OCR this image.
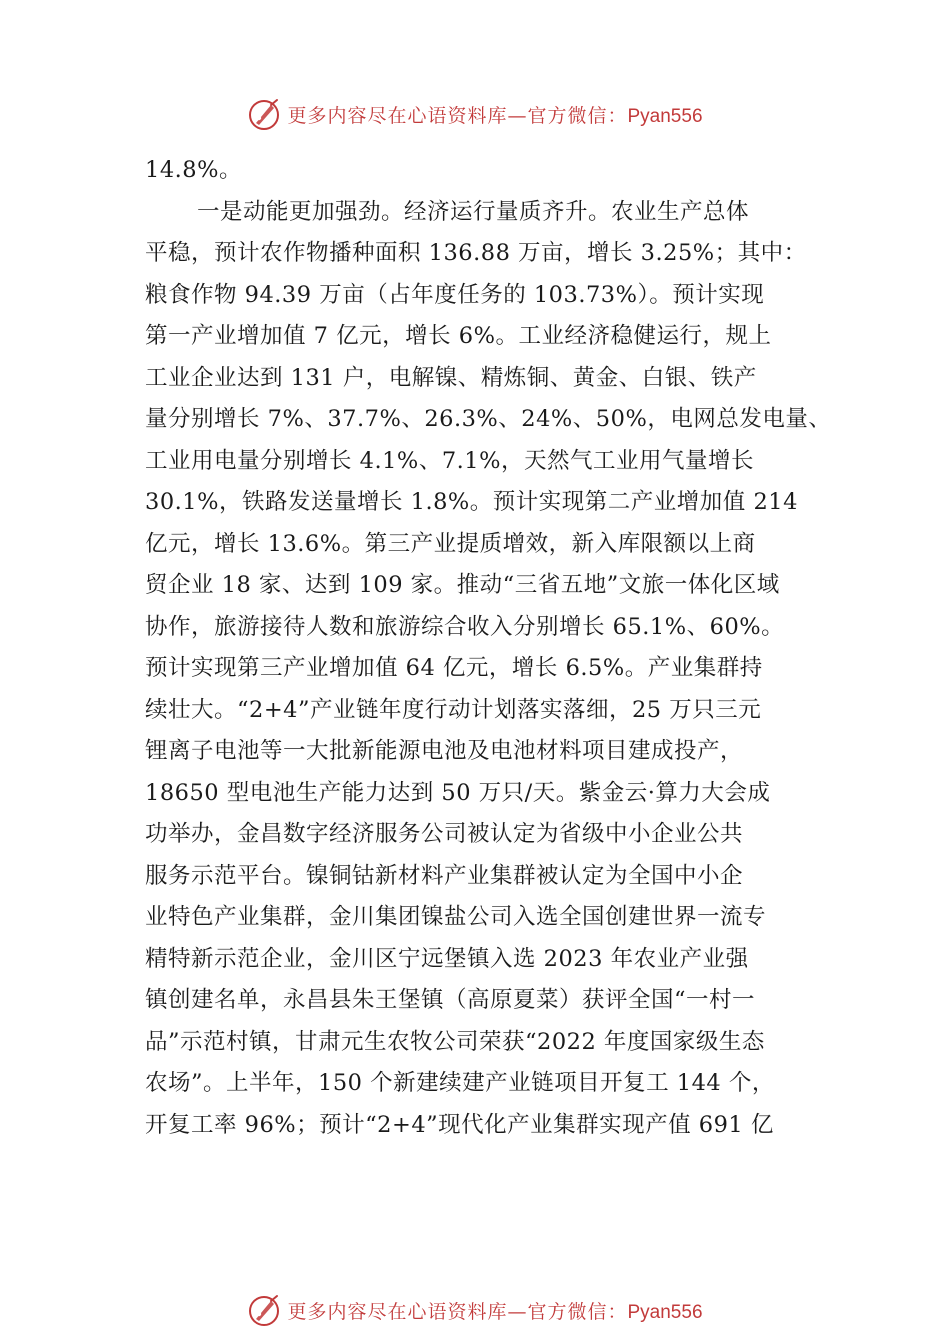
更多内容尽在心语资料库—官方微信：Pyan556
14.8%。
一是动能更加强劲。经济运行量质齐升。农业生产总体
平稳，预计农作物播种面积 136.88 万亩，增长 3.25%；其中：
粮食作物 94.39 万亩（占年度任务的 103.73%）。预计实现
第一产业增加值 7 亿元，增长 6%。工业经济稳健运行，规上
工业企业达到 131 户，电解镍、精炼铜、黄金、白银、铁产
量分别增长 7%、37.7%、26.3%、24%、50%，电网总发电量、
工业用电量分别增长 4.1%、7.1%，天然气工业用气量增长
30.1%，铁路发送量增长 1.8%。预计实现第二产业增加值 214
亿元，增长 13.6%。第三产业提质增效，新入库限额以上商
贸企业 18 家、达到 109 家。推动“三省五地”文旅一体化区域
协作，旅游接待人数和旅游综合收入分别增长 65.1%、60%。
预计实现第三产业增加值 64 亿元，增长 6.5%。产业集群持
续壮大。“2+4”产业链年度行动计划落实落细，25 万只三元
锂离子电池等一大批新能源电池及电池材料项目建成投产，
18650 型电池生产能力达到 50 万只/天。紫金云·算力大会成
功举办，金昌数字经济服务公司被认定为省级中小企业公共
服务示范平台。镍铜钴新材料产业集群被认定为全国中小企
业特色产业集群，金川集团镍盐公司入选全国创建世界一流专
精特新示范企业，金川区宁远堡镇入选 2023 年农业产业强
镇创建名单，永昌县朱王堡镇（高原夏菜）获评全国“一村一
品”示范村镇，甘肃元生农牧公司荣获“2022 年度国家级生态
农场”。上半年，150 个新建续建产业链项目开复工 144 个，
开复工率 96%；预计“2+4”现代化产业集群实现产值 691 亿
更多内容尽在心语资料库—官方微信：Pyan556
